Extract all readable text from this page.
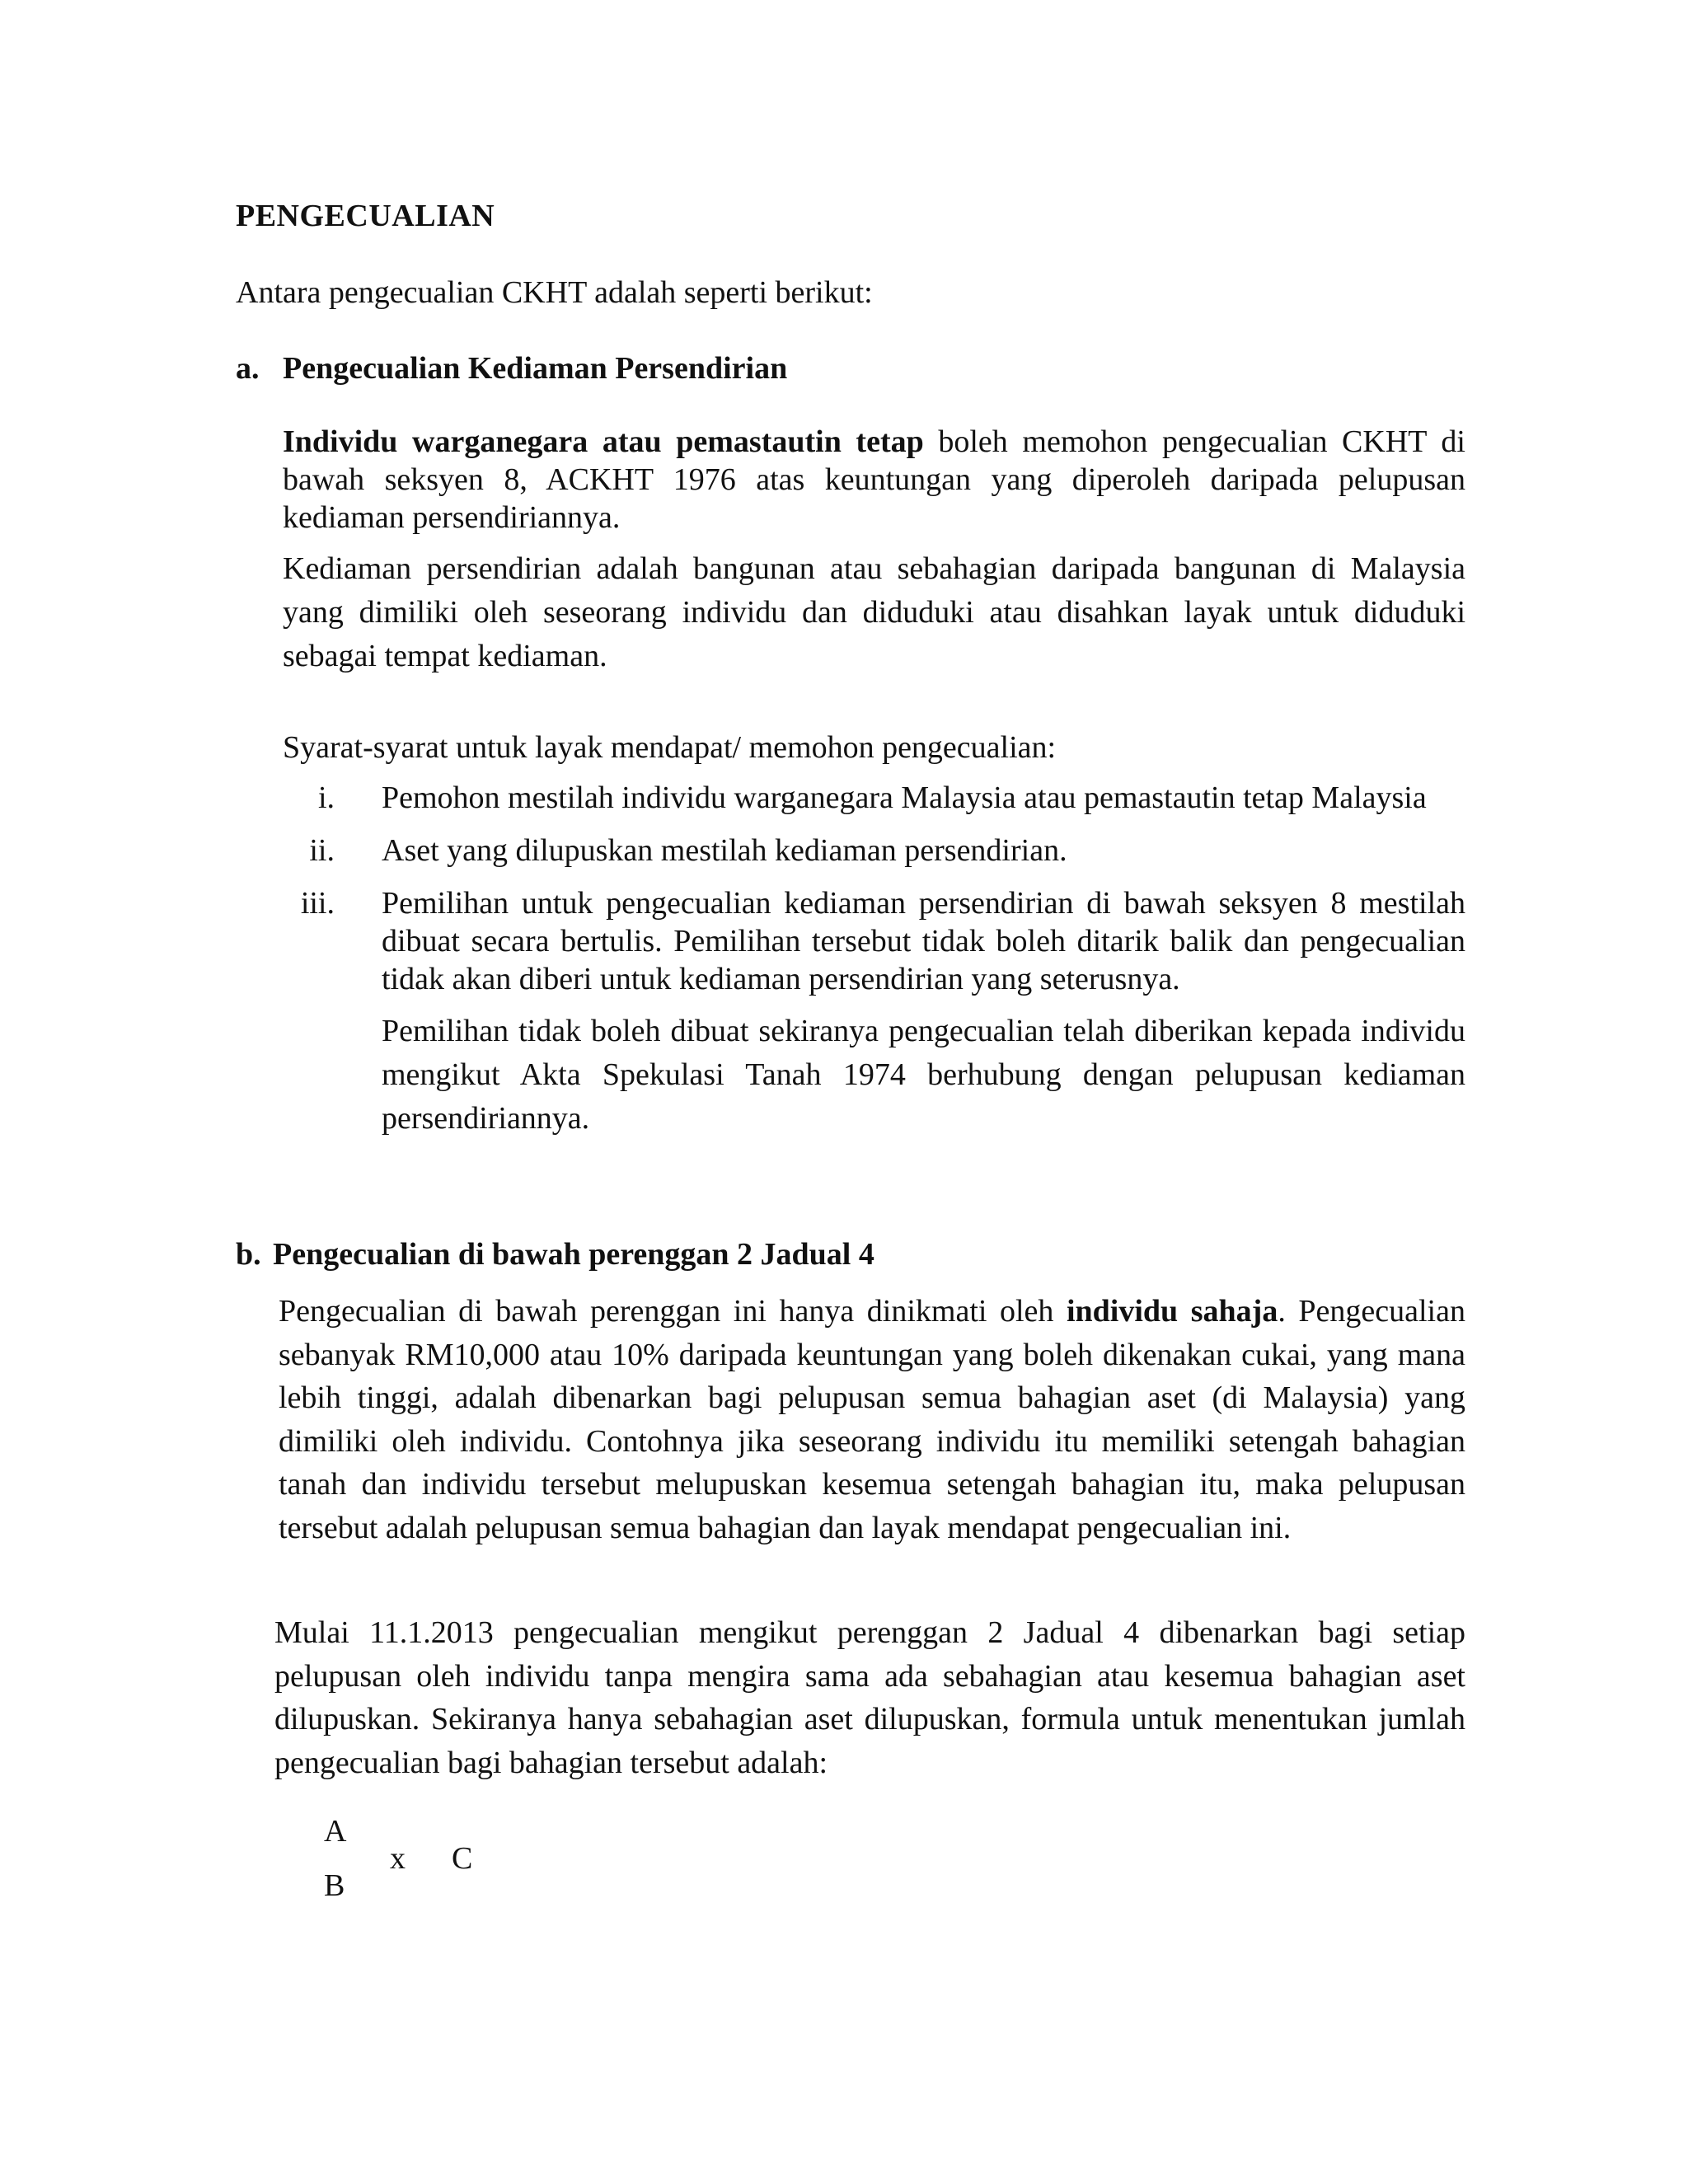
PENGECUALIAN
Antara pengecualian CKHT adalah seperti berikut:
a. Pengecualian Kediaman Persendirian

Individu warganegara atau pemastautin tetap boleh memohon pengecualian CKHT di bawah seksyen 8, ACKHT 1976 atas keuntungan yang diperoleh daripada pelupusan kediaman persendiriannya.

Kediaman persendirian adalah bangunan atau sebahagian daripada bangunan di Malaysia yang dimiliki oleh seseorang individu dan diduduki atau disahkan layak untuk diduduki sebagai tempat kediaman.

Syarat-syarat untuk layak mendapat/ memohon pengecualian:

i. Pemohon mestilah individu warganegara Malaysia atau pemastautin tetap Malaysia
ii. Aset yang dilupuskan mestilah kediaman persendirian.
iii. Pemilihan untuk pengecualian kediaman persendirian di bawah seksyen 8 mestilah dibuat secara bertulis. Pemilihan tersebut tidak boleh ditarik balik dan pengecualian tidak akan diberi untuk kediaman persendirian yang seterusnya.

Pemilihan tidak boleh dibuat sekiranya pengecualian telah diberikan kepada individu mengikut Akta Spekulasi Tanah 1974 berhubung dengan pelupusan kediaman persendiriannya.

b. Pengecualian di bawah perenggan 2 Jadual 4

Pengecualian di bawah perenggan ini hanya dinikmati oleh individu sahaja. Pengecualian sebanyak RM10,000 atau 10% daripada keuntungan yang boleh dikenakan cukai, yang mana lebih tinggi, adalah dibenarkan bagi pelupusan semua bahagian aset (di Malaysia) yang dimiliki oleh individu. Contohnya jika seseorang individu itu memiliki setengah bahagian tanah dan individu tersebut melupuskan kesemua setengah bahagian itu, maka pelupusan tersebut adalah pelupusan semua bahagian dan layak mendapat pengecualian ini.

Mulai 11.1.2013 pengecualian mengikut perenggan 2 Jadual 4 dibenarkan bagi setiap pelupusan oleh individu tanpa mengira sama ada sebahagian atau kesemua bahagian aset dilupuskan. Sekiranya hanya sebahagian aset dilupuskan, formula untuk menentukan jumlah pengecualian bagi bahagian tersebut adalah:

A
B
x C
